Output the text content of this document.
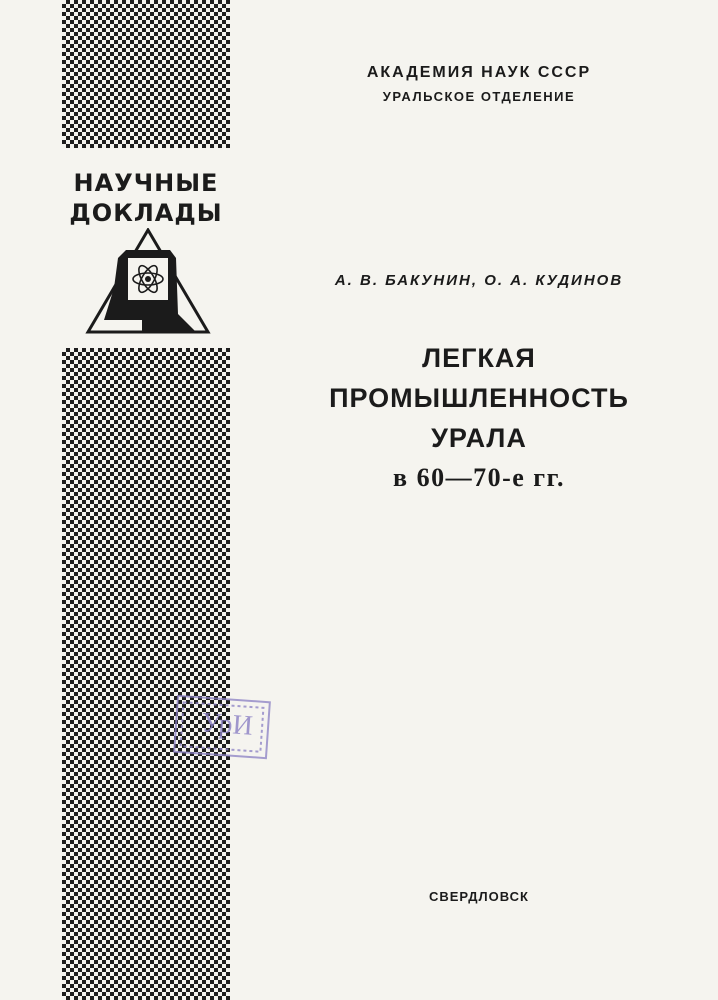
НАУЧНЫЕ
ДОКЛАДЫ
УрИ
АКАДЕМИЯ НАУК СССР
УРАЛЬСКОЕ ОТДЕЛЕНИЕ
А. В. БАКУНИН, О. А. КУДИНОВ
ЛЕГКАЯ
ПРОМЫШЛЕННОСТЬ
УРАЛА
в 60—70-е гг.
СВЕРДЛОВСК
